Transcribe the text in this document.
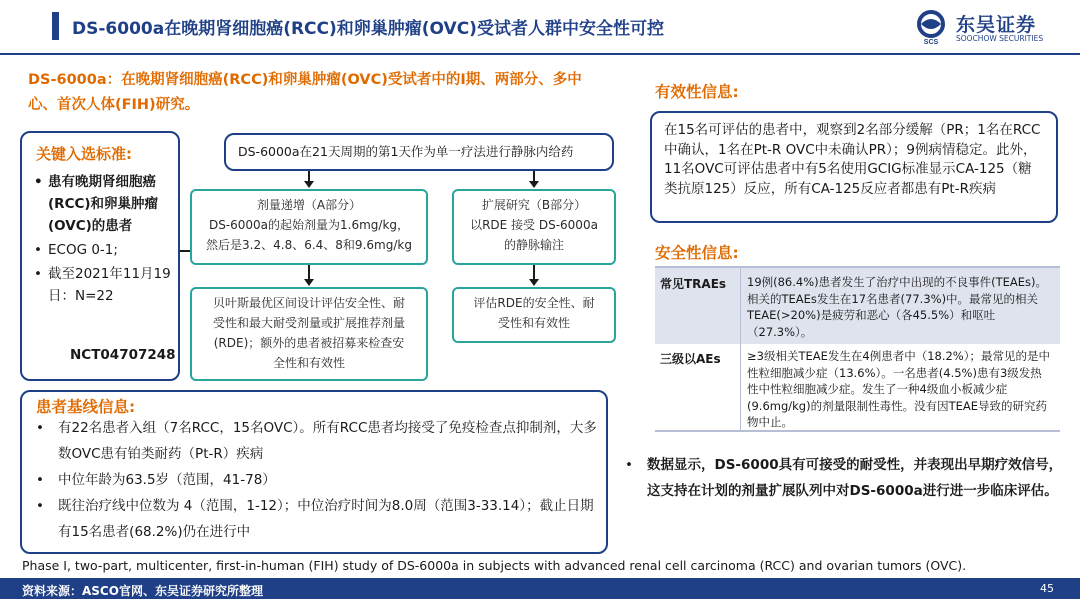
DS-6000a在晚期肾细胞癌(RCC)和卵巢肿瘤(OVC)受试者人群中安全性可控
SCS
东吴证券
SOOCHOW SECURITIES
DS-6000a：在晚期肾细胞癌(RCC)和卵巢肿瘤(OVC)受试者中的I期、两部分、多中
心、首次人体(FIH)研究。
关键入选标准:
• 患有晚期肾细胞癌(RCC)和卵巢肿瘤(OVC)的患者
• ECOG 0-1;
• 截至2021年11月19日：N=22
NCT04707248
DS-6000a在21天周期的第1天作为单一疗法进行静脉内给药
剂量递增（A部分）
DS-6000a的起始剂量为1.6mg/kg，
然后是3.2、4.8、6.4、8和9.6mg/kg
扩展研究（B部分）
以RDE 接受 DS-6000a
的静脉输注
贝叶斯最优区间设计评估安全性、耐
受性和最大耐受剂量或扩展推荐剂量
(RDE)；额外的患者被招募来检查安
全性和有效性
评估RDE的安全性、耐
受性和有效性
患者基线信息:
•	有22名患者入组（7名RCC，15名OVC）。所有RCC患者均接受了免疫检查点抑制剂，大多数OVC患有铂类耐药（Pt-R）疾病
•	中位年龄为63.5岁（范围，41-78）
•	既往治疗线中位数为 4（范围，1-12）；中位治疗时间为8.0周（范围3-33.14）；截止日期有15名患者(68.2%)仍在进行中
有效性信息:
在15名可评估的患者中，观察到2名部分缓解（PR；1名在RCC中确认，1名在Pt-R OVC中未确认PR）；9例病情稳定。此外，11名OVC可评估患者中有5名使用GCIG标准显示CA-125（糖类抗原125）反应，所有CA-125反应者都患有Pt-R疾病
安全性信息:
常见TRAEs 19例(86.4%)患者发生了治疗中出现的不良事件(TEAEs)。相关的TEAEs发生在17名患者(77.3%)中。最常见的相关TEAE(>20%)是疲劳和恶心（各45.5%）和呕吐（27.3%）。
三级以AEs ≥3级相关TEAE发生在4例患者中（18.2%）；最常见的是中性粒细胞减少症（13.6%）。一名患者(4.5%)患有3级发热性中性粒细胞减少症。发生了一种4级血小板减少症(9.6mg/kg)的剂量限制性毒性。没有因TEAE导致的研究药物中止。
•	数据显示，DS-6000具有可接受的耐受性，并表现出早期疗效信号，这支持在计划的剂量扩展队列中对DS-6000a进行进一步临床评估。
Phase I, two-part, multicenter, first-in-human (FIH) study of DS-6000a in subjects with advanced renal cell carcinoma (RCC) and ovarian tumors (OVC).
资料来源：ASCO官网、东吴证券研究所整理	45
